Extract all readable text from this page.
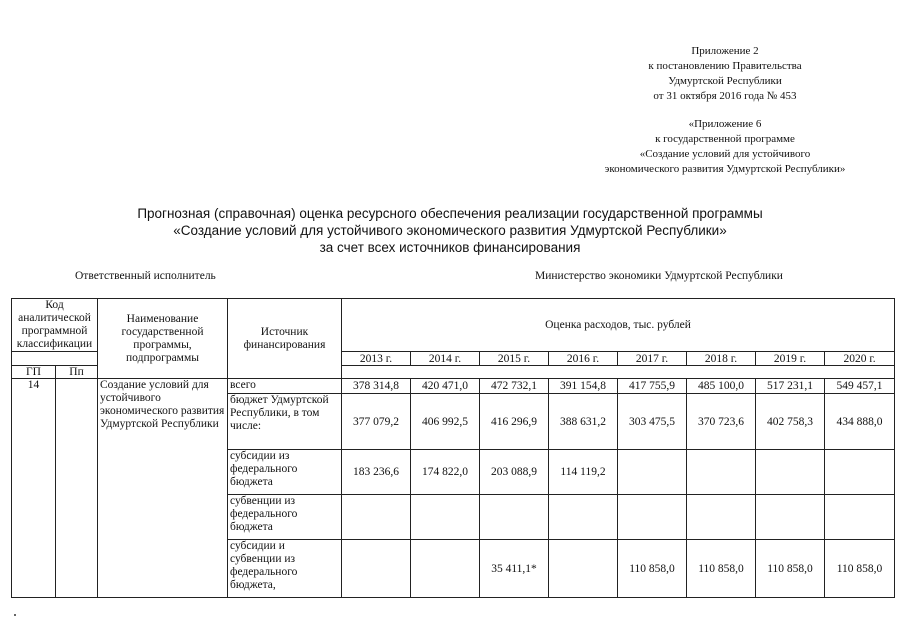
Приложение 2
к постановлению Правительства
Удмуртской Республики
от 31 октября 2016 года № 453
«Приложение 6
к государственной программе
«Создание условий для устойчивого
экономического развития Удмуртской Республики»
Прогнозная (справочная) оценка ресурсного обеспечения реализации государственной программы
«Создание условий для устойчивого экономического развития Удмуртской Республики»
за счет всех источников финансирования
Ответственный исполнитель	Министерство экономики Удмуртской Республики
Код аналитической программной классификации		Наименование государственной программы, подпрограммы	Источник финансирования	Оценка расходов, тыс. рублей							
				2013 г.	2014 г.	2015 г.	2016 г.	2017 г.	2018 г.	2019 г.	2020 г.
ГП	Пп										
14		Создание условий для устойчивого экономического развития Удмуртской Республики	всего	378 314,8	420 471,0	472 732,1	391 154,8	417 755,9	485 100,0	517 231,1	549 457,1
			бюджет Удмуртской Республики, в том числе:	377 079,2	406 992,5	416 296,9	388 631,2	303 475,5	370 723,6	402 758,3	434 888,0
			субсидии из федерального бюджета	183 236,6	174 822,0	203 088,9	114 119,2				
			субвенции из федерального бюджета								
			субсидии и субвенции из федерального бюджета,			35 411,1*		110 858,0	110 858,0	110 858,0	110 858,0
